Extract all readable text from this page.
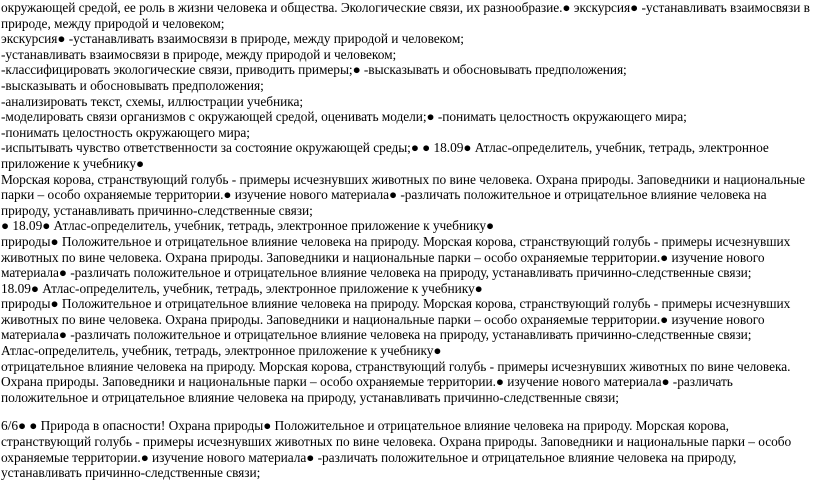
окружающей средой, ее роль в жизни человека и общества. Экологические связи, их разнообразие.● экскурсия● -устанавливать взаимосвязи в природе, между природой и человеком;

экскурсия● -устанавливать взаимосвязи в природе, между природой и человеком;

-устанавливать взаимосвязи в природе, между природой и человеком;

-классифицировать экологические связи, приводить примеры;● -высказывать и обосновывать предположения;

-высказывать и обосновывать предположения;

-анализировать текст, схемы, иллюстрации учебника;

-моделировать связи организмов с окружающей средой, оценивать модели;● -понимать целостность окружающего мира;

-понимать целостность окружающего мира;

-испытывать чувство ответственности за состояние окружающей среды;● ● 18.09● Атлас-определитель, учебник, тетрадь, электронное приложение к учебнику●

Морская корова, странствующий голубь - примеры исчезнувших животных по вине человека. Охрана природы. Заповедники и национальные парки – особо охраняемые территории.● изучение нового материала● -различать положительное и отрицательное влияние человека на природу, устанавливать причинно-следственные связи;

● 18.09● Атлас-определитель, учебник, тетрадь, электронное приложение к учебнику●

природы● Положительное и отрицательное влияние человека на природу. Морская корова, странствующий голубь - примеры исчезнувших животных по вине человека. Охрана природы. Заповедники и национальные парки – особо охраняемые территории.● изучение нового материала● -различать положительное и отрицательное влияние человека на природу, устанавливать причинно-следственные связи;

18.09● Атлас-определитель, учебник, тетрадь, электронное приложение к учебнику●

природы● Положительное и отрицательное влияние человека на природу. Морская корова, странствующий голубь - примеры исчезнувших животных по вине человека. Охрана природы. Заповедники и национальные парки – особо охраняемые территории.● изучение нового материала● -различать положительное и отрицательное влияние человека на природу, устанавливать причинно-следственные связи;

Атлас-определитель, учебник, тетрадь, электронное приложение к учебнику●

отрицательное влияние человека на природу. Морская корова, странствующий голубь - примеры исчезнувших животных по вине человека. Охрана природы. Заповедники и национальные парки – особо охраняемые территории.● изучение нового материала● -различать положительное и отрицательное влияние человека на природу, устанавливать причинно-следственные связи;

6/6● ● Природа в опасности! Охрана природы● Положительное и отрицательное влияние человека на природу. Морская корова, странствующий голубь - примеры исчезнувших животных по вине человека. Охрана природы. Заповедники и национальные парки – особо охраняемые территории.● изучение нового материала● -различать положительное и отрицательное влияние человека на природу, устанавливать причинно-следственные связи;
